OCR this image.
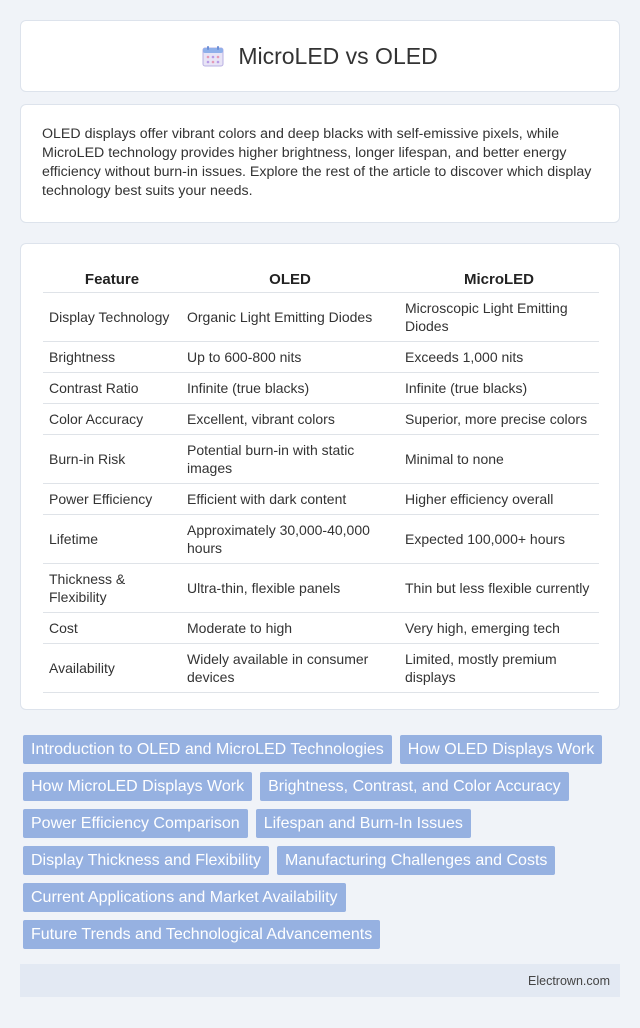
MicroLED vs OLED

OLED displays offer vibrant colors and deep blacks with self-emissive pixels, while MicroLED technology provides higher brightness, longer lifespan, and better energy efficiency without burn-in issues. Explore the rest of the article to discover which display technology best suits your needs.

Feature	OLED	MicroLED
Display Technology	Organic Light Emitting Diodes	Microscopic Light Emitting Diodes
Brightness	Up to 600-800 nits	Exceeds 1,000 nits
Contrast Ratio	Infinite (true blacks)	Infinite (true blacks)
Color Accuracy	Excellent, vibrant colors	Superior, more precise colors
Burn-in Risk	Potential burn-in with static images	Minimal to none
Power Efficiency	Efficient with dark content	Higher efficiency overall
Lifetime	Approximately 30,000-40,000 hours	Expected 100,000+ hours
Thickness & Flexibility	Ultra-thin, flexible panels	Thin but less flexible currently
Cost	Moderate to high	Very high, emerging tech
Availability	Widely available in consumer devices	Limited, mostly premium displays
Introduction to OLED and MicroLED Technologies	How OLED Displays Work
How MicroLED Displays Work	Brightness, Contrast, and Color Accuracy
Power Efficiency Comparison	Lifespan and Burn-In Issues
Display Thickness and Flexibility	Manufacturing Challenges and Costs
Current Applications and Market Availability
Future Trends and Technological Advancements
Electrown.com
